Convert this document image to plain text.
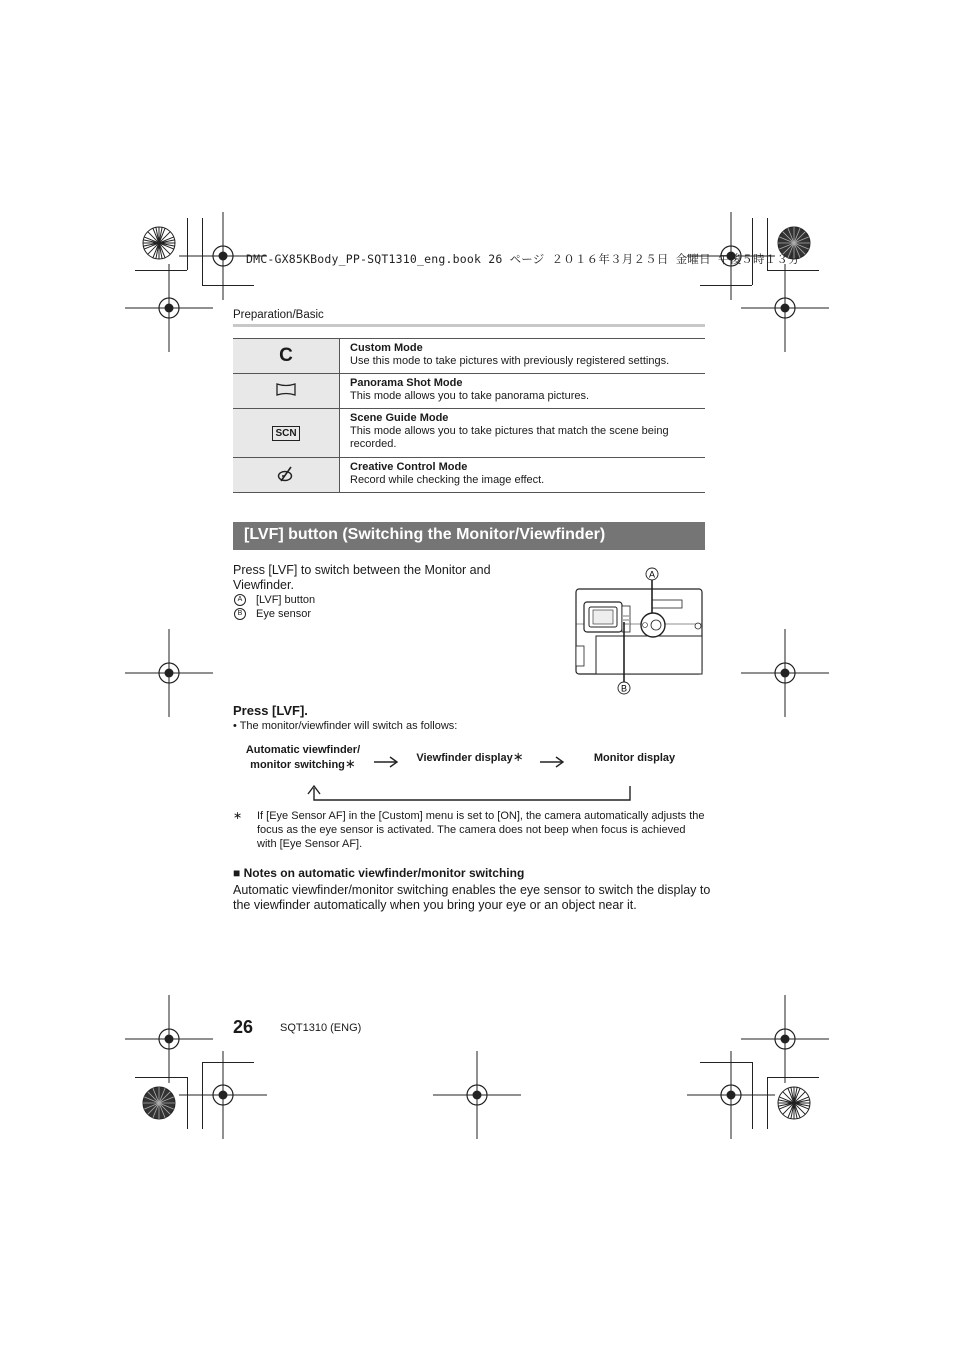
DMC-GX85KBody_PP-SQT1310_eng.book 26 ページ ２０１６年３月２５日 金曜日 午後５時１３分
Preparation/Basic
C	Custom Mode
Use this mode to take pictures with previously registered settings.

Panorama Shot Mode
This mode allows you to take panorama pictures.

SCN	Scene Guide Mode
This mode allows you to take pictures that match the scene being recorded.

Creative Control Mode
Record while checking the image effect.
[LVF] button (Switching the Monitor/Viewfinder)
Press [LVF] to switch between the Monitor and Viewfinder.
A	[LVF] button
B	Eye sensor
A
B
Press [LVF].
• The monitor/viewfinder will switch as follows:
Automatic viewfinder/
monitor switching∗	Viewfinder display∗	Monitor display
∗ If [Eye Sensor AF] in the [Custom] menu is set to [ON], the camera automatically adjusts the focus as the eye sensor is activated. The camera does not beep when focus is achieved with [Eye Sensor AF].
■ Notes on automatic viewfinder/monitor switching
Automatic viewfinder/monitor switching enables the eye sensor to switch the display to the viewfinder automatically when you bring your eye or an object near it.
26 SQT1310 (ENG)
